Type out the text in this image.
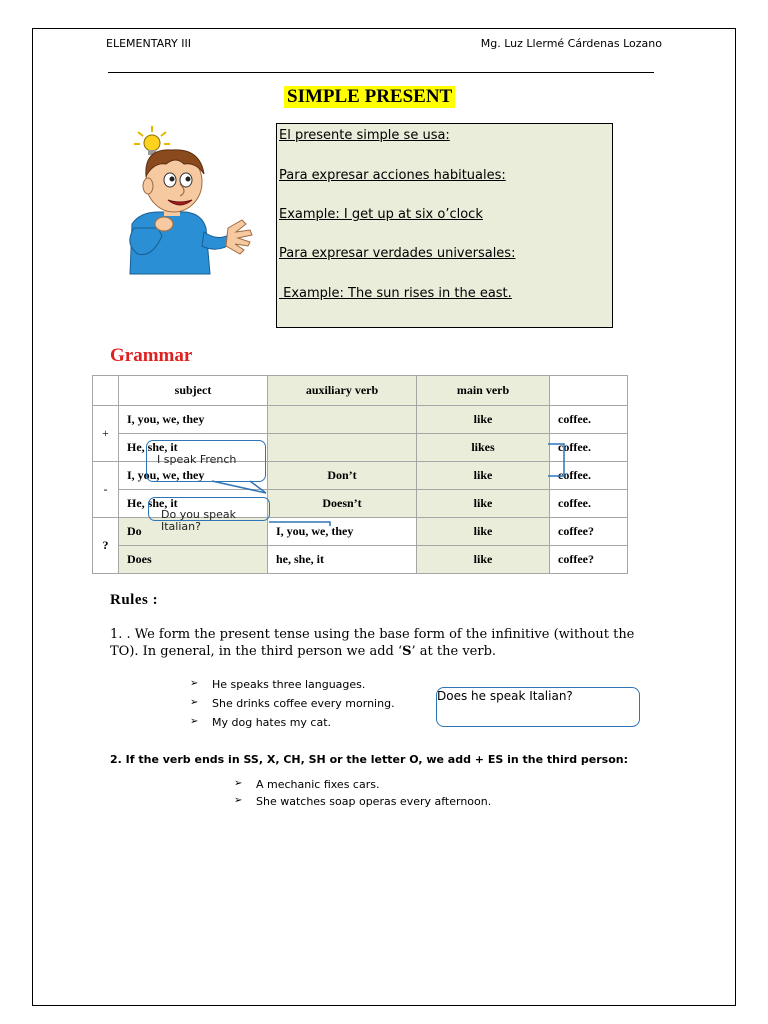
ELEMENTARY III	Mg. Luz Llermé Cárdenas Lozano
SIMPLE PRESENT
El presente simple se usa:
Para expresar acciones habituales:
Example: I get up at six o’clock
Para expresar verdades universales:
Example: The sun rises in the east.
Grammar
	subject	auxiliary verb	main verb	
+	I, you, we, they		like	coffee.
	He, she, it		likes	coffee.
-	I, you, we, they	Don’t	like	coffee.
	He, she, it	Doesn’t	like	coffee.
?	Do	I, you, we, they	like	coffee?
	Does	he, she, it	like	coffee?
I speak French
Do you speak Italian?
Rules :
1. . We form the present tense using the base form of the infinitive (without the TO). In general, in the third person we add ‘S’ at the verb.
➢ He speaks three languages.
➢ She drinks coffee every morning.
➢ My dog hates my cat.
Does he speak Italian?
2. If the verb ends in SS, X, CH, SH or the letter O, we add + ES in the third person:
➢ A mechanic fixes cars.
➢ She watches soap operas every afternoon.
